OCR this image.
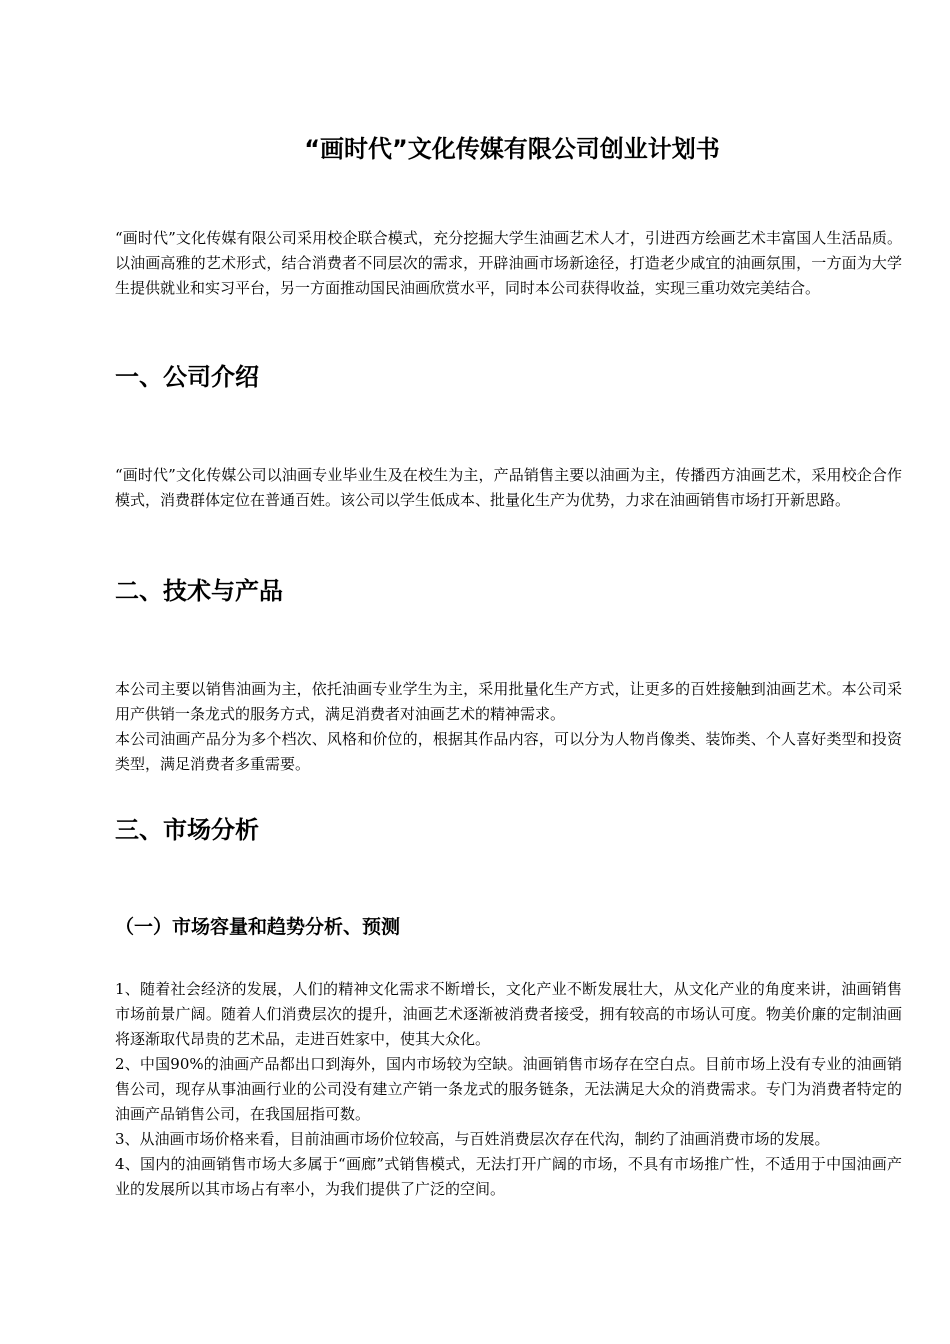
“画时代”文化传媒有限公司创业计划书
“画时代”文化传媒有限公司采用校企联合模式，充分挖掘大学生油画艺术人才，引进西方绘画艺术丰富国人生活品质。以油画高雅的艺术形式，结合消费者不同层次的需求，开辟油画市场新途径，打造老少咸宜的油画氛围，一方面为大学生提供就业和实习平台，另一方面推动国民油画欣赏水平，同时本公司获得收益，实现三重功效完美结合。
一、公司介绍
“画时代”文化传媒公司以油画专业毕业生及在校生为主，产品销售主要以油画为主，传播西方油画艺术，采用校企合作模式，消费群体定位在普通百姓。该公司以学生低成本、批量化生产为优势，力求在油画销售市场打开新思路。
二、技术与产品

本公司主要以销售油画为主，依托油画专业学生为主，采用批量化生产方式，让更多的百姓接触到油画艺术。本公司采用产供销一条龙式的服务方式，满足消费者对油画艺术的精神需求。

本公司油画产品分为多个档次、风格和价位的，根据其作品内容，可以分为人物肖像类、装饰类、个人喜好类型和投资类型，满足消费者多重需要。

三、市场分析
（一）市场容量和趋势分析、预测

1、随着社会经济的发展，人们的精神文化需求不断增长，文化产业不断发展壮大，从文化产业的角度来讲，油画销售市场前景广阔。随着人们消费层次的提升，油画艺术逐渐被消费者接受，拥有较高的市场认可度。物美价廉的定制油画将逐渐取代昂贵的艺术品，走进百姓家中，使其大众化。

2、中国90%的油画产品都出口到海外，国内市场较为空缺。油画销售市场存在空白点。目前市场上没有专业的油画销售公司，现存从事油画行业的公司没有建立产销一条龙式的服务链条，无法满足大众的消费需求。专门为消费者特定的油画产品销售公司，在我国屈指可数。

3、从油画市场价格来看，目前油画市场价位较高，与百姓消费层次存在代沟，制约了油画消费市场的发展。

4、国内的油画销售市场大多属于“画廊”式销售模式，无法打开广阔的市场，不具有市场推广性，不适用于中国油画产业的发展所以其市场占有率小，为我们提供了广泛的空间。
